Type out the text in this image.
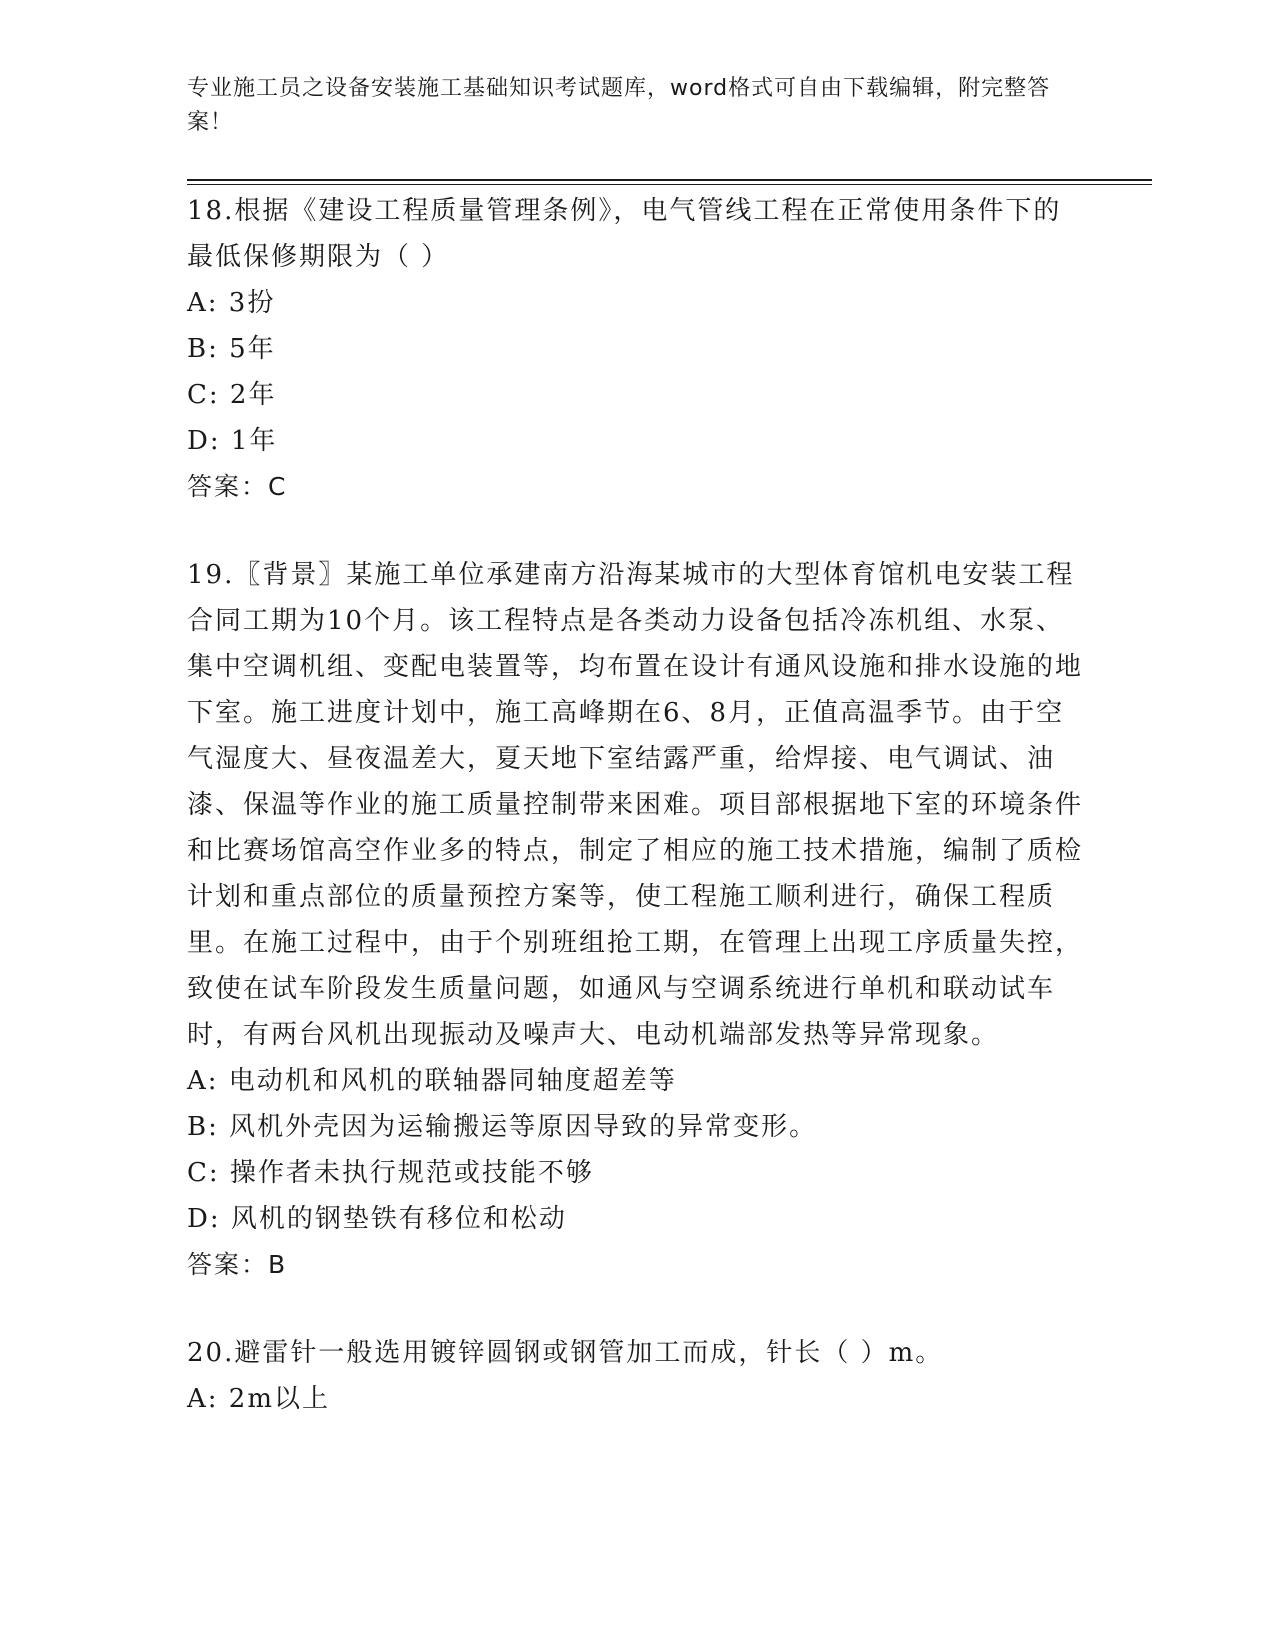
专业施工员之设备安装施工基础知识考试题库，word格式可自由下载编辑，附完整答案！

18.根据《建设工程质量管理条例》，电气管线工程在正常使用条件下的最低保修期限为（ ）

A: 3扮

B: 5年

C: 2年

D: 1年

答案：C

19.〖背景〗某施工单位承建南方沿海某城市的大型体育馆机电安装工程合同工期为10个月。该工程特点是各类动力设备包括冷冻机组、水泵、集中空调机组、变配电装置等，均布置在设计有通风设施和排水设施的地下室。施工进度计划中，施工高峰期在6、8月，正值高温季节。由于空气湿度大、昼夜温差大，夏天地下室结露严重，给焊接、电气调试、油漆、保温等作业的施工质量控制带来困难。项目部根据地下室的环境条件和比赛场馆高空作业多的特点，制定了相应的施工技术措施，编制了质检计划和重点部位的质量预控方案等，使工程施工顺利进行，确保工程质里。在施工过程中，由于个别班组抢工期，在管理上出现工序质量失控，致使在试车阶段发生质量问题，如通风与空调系统进行单机和联动试车时，有两台风机出现振动及噪声大、电动机端部发热等异常现象。

A: 电动机和风机的联轴器同轴度超差等

B: 风机外壳因为运输搬运等原因导致的异常变形。

C: 操作者未执行规范或技能不够

D: 风机的钢垫铁有移位和松动

答案：B

20.避雷针一般选用镀锌圆钢或钢管加工而成，针长（ ）m。

A: 2m以上
